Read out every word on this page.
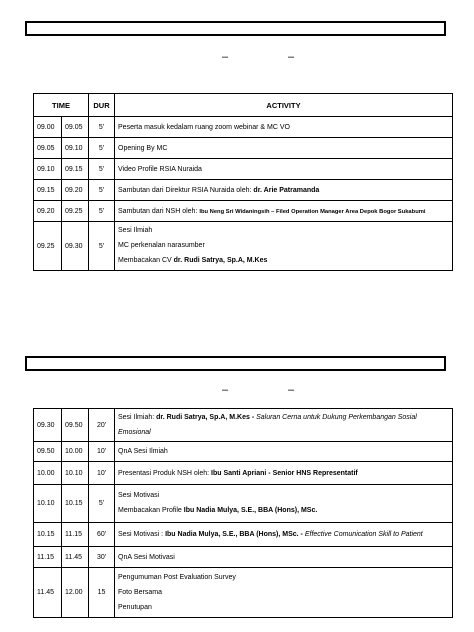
–	–
TIME		DUR	ACTIVITY
09.00	09.05	5'	Peserta masuk kedalam ruang zoom webinar & MC VO
09.05	09.10	5'	Opening By MC
09.10	09.15	5'	Video Profile RSIA Nuraida
09.15	09.20	5'	Sambutan dari Direktur RSIA Nuraida oleh: dr. Arie Patramanda
09.20	09.25	5'	Sambutan dari NSH oleh: Ibu Neng Sri Widaningsih – Filed Operation Manager Area Depok Bogor Sukabumi
09.25	09.30	5'	Sesi Ilmiah
MC perkenalan narasumber
Membacakan CV dr. Rudi Satrya, Sp.A, M.Kes
–	–
09.30	09.50	20'	Sesi Ilmiah: dr. Rudi Satrya, Sp.A, M.Kes - Saluran Cerna untuk Dukung Perkembangan Sosial
Emosional

09.50	10.00	10'	QnA Sesi Ilmiah
10.00	10.10	10'	Presentasi Produk NSH oleh: Ibu Santi Apriani - Senior HNS Representatif
10.10	10.15	5'	Sesi Motivasi
Membacakan Profile Ibu Nadia Mulya, S.E., BBA (Hons), MSc.

10.15	11.15	60'	Sesi Motivasi : Ibu Nadia Mulya, S.E., BBA (Hons), MSc. - Effective Comunication Skill to Patient
11.15	11.45	30'	QnA Sesi Motivasi
11.45	12.00	15	Pengumuman Post Evaluation Survey
Foto Bersama
Penutupan
